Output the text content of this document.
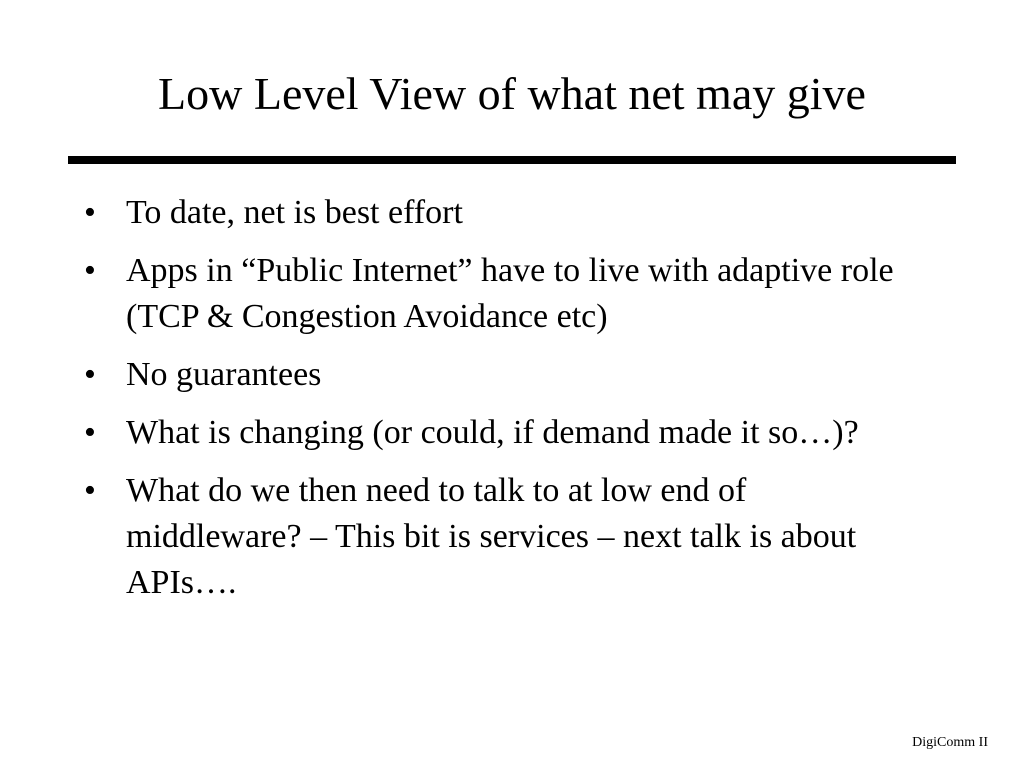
Low Level View of what net may give
• To date, net is best effort
• Apps in “Public Internet” have to live with adaptive role (TCP & Congestion Avoidance etc)
• No guarantees
• What is changing (or could, if demand made it so…)?
• What do we then need to talk to at low end of middleware? – This bit is services – next talk is about APIs….
DigiComm II
